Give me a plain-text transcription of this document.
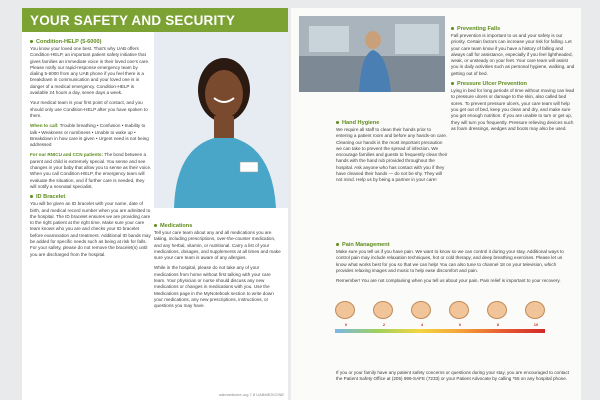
YOUR SAFETY AND SECURITY
Condition-HELP (5-6000)
You know your loved one best. That's why UAB offers Condition-HELP, an important patient safety initiative that gives families an immediate voice in their loved one's care. Please notify our rapid-response emergency team by dialing 5-6000 from any UAB phone if you feel there is a breakdown in communication and your loved one is in danger of a medical emergency. Condition-HELP is available 24 hours a day, seven days a week.
Your medical team is your first point of contact, and you should only use Condition-HELP after you have spoken to them.
When to call: Trouble breathing • Confusion • Inability to talk • Weakness or numbness • Unable to wake up • Breakdown in how care is given • Urgent need is not being addressed
For our RNICU and CCN patients: The bond between a parent and child is extremely special. You sense and see changes in your baby that allow you to sense as their voice. When you call Condition-HELP, the emergency team will evaluate the situation, and if further care is needed, they will notify a neonatal specialist.
ID Bracelet
You will be given an ID bracelet with your name, date of birth, and medical record number when you are admitted to the hospital. The ID bracelet ensures we are providing care to the right patient at the right time. Make sure your care team knows who you are and checks your ID bracelet before examination and treatment. Additional ID bands may be added for specific needs such as being at risk for falls. For your safety, please do not remove the bracelet(s) until you are discharged from the hospital.
Medications
Tell your care team about any and all medications you are taking, including prescriptions, over-the-counter medication, and any herbal, vitamin, or nutritional. Carry a list of your medications, dosages, and supplements at all times and make sure your care team is aware of any allergies.
While in the hospital, please do not take any of your medications from home without first talking with your care team. Your physician or nurse should discuss any new medications or changes in medications with you. Use the Medications page in the MyNotebook section to write down your medications, any new prescriptions, instructions, or questions you may have.
uabmedicine.org 7 8 UABMEDICINE
Hand Hygiene
We require all staff to clean their hands prior to entering a patient room and before any hands-on care. Cleaning our hands is the most important precaution we can take to prevent the spread of infection. We encourage families and guests to frequently clean their hands with the hand rub provided throughout the hospital. Ask anyone who has contact with you if they have cleaned their hands — do not be shy. They will not mind. Help us by being a partner in your care!
Preventing Falls
Fall prevention is important to us and your safety is our priority. Certain factors can increase your risk for falling. Let your care team know if you have a history of falling and always call for assistance, especially if you feel lightheaded, weak, or unsteady on your feet. Your care team will assist you in daily activities such as personal hygiene, walking, and getting out of bed.
Pressure Ulcer Prevention
Lying in bed for long periods of time without moving can lead to pressure ulcers or damage to the skin, also called bed sores. To prevent pressure ulcers, your care team will help you get out of bed, keep you clean and dry, and make sure you get enough nutrition. If you are unable to turn or get up, they will turn you frequently. Pressure relieving devices such as foam dressings, wedges and boots may also be used.
Pain Management
Make sure you tell us if you have pain. We want to know so we can control it during your stay. Additional ways to control pain may include relaxation techniques, hot or cold therapy, and deep breathing exercises. Please let us know what works best for you so that we can help! You can also tune to channel 18 on your television, which provides relaxing images and music to help ease discomfort and pain.
Remember! You are not complaining when you tell us about your pain. Pain relief is important to your recovery.
0	2	4	6	8	10
If you or your family have any patient safety concerns or questions during your stay, you are encouraged to contact the Patient Safety Office at (205) 996-SAFE (7233) or your Patient Advocate by calling *55 on any hospital phone.
